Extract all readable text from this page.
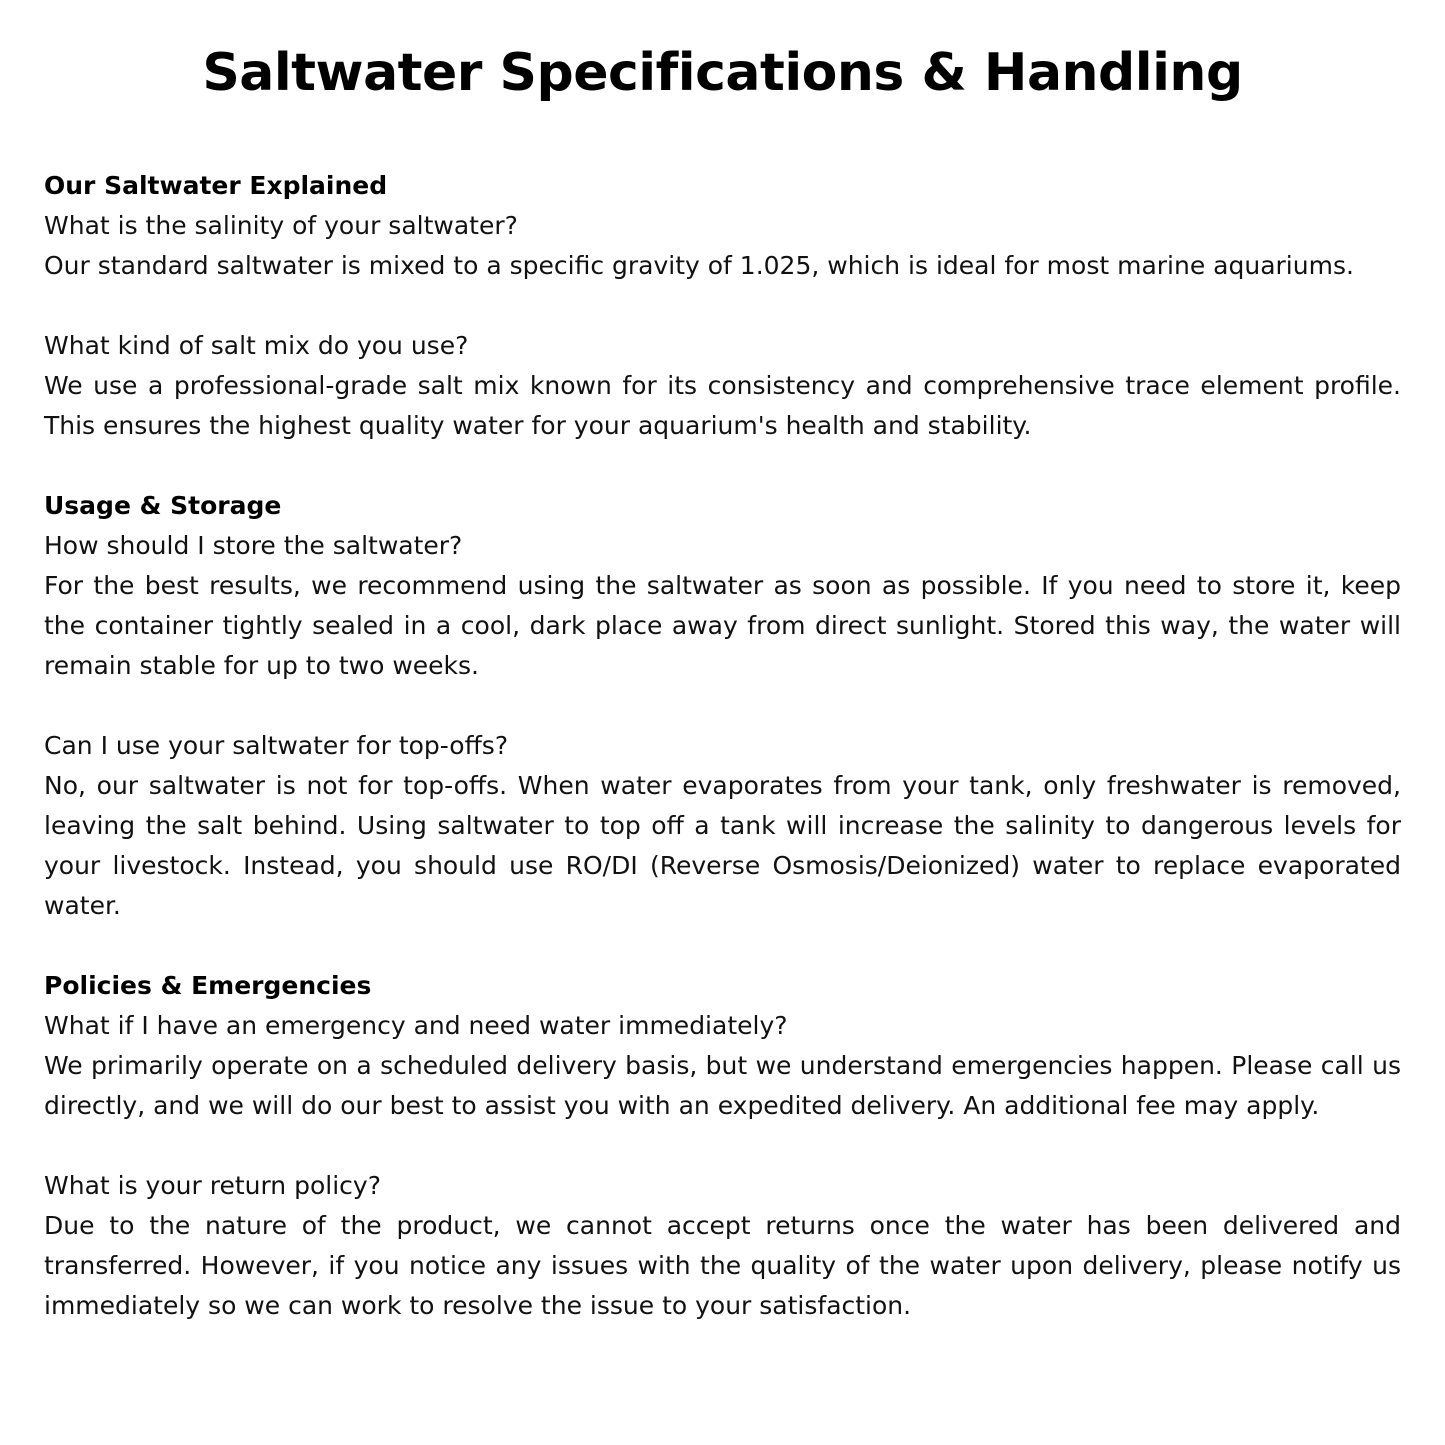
Saltwater Specifications & Handling

Our Saltwater Explained

What is the salinity of your saltwater?

Our standard saltwater is mixed to a specific gravity of 1.025, which is ideal for most marine aquariums.

What kind of salt mix do you use?

We use a professional-grade salt mix known for its consistency and comprehensive trace element profile. This ensures the highest quality water for your aquarium's health and stability.

Usage & Storage

How should I store the saltwater?

For the best results, we recommend using the saltwater as soon as possible. If you need to store it, keep the container tightly sealed in a cool, dark place away from direct sunlight. Stored this way, the water will remain stable for up to two weeks.

Can I use your saltwater for top-offs?

No, our saltwater is not for top-offs. When water evaporates from your tank, only freshwater is removed, leaving the salt behind. Using saltwater to top off a tank will increase the salinity to dangerous levels for your livestock. Instead, you should use RO/DI (Reverse Osmosis/Deionized) water to replace evaporated water.

Policies & Emergencies

What if I have an emergency and need water immediately?

We primarily operate on a scheduled delivery basis, but we understand emergencies happen. Please call us directly, and we will do our best to assist you with an expedited delivery. An additional fee may apply.

What is your return policy?

Due to the nature of the product, we cannot accept returns once the water has been delivered and transferred. However, if you notice any issues with the quality of the water upon delivery, please notify us immediately so we can work to resolve the issue to your satisfaction.
